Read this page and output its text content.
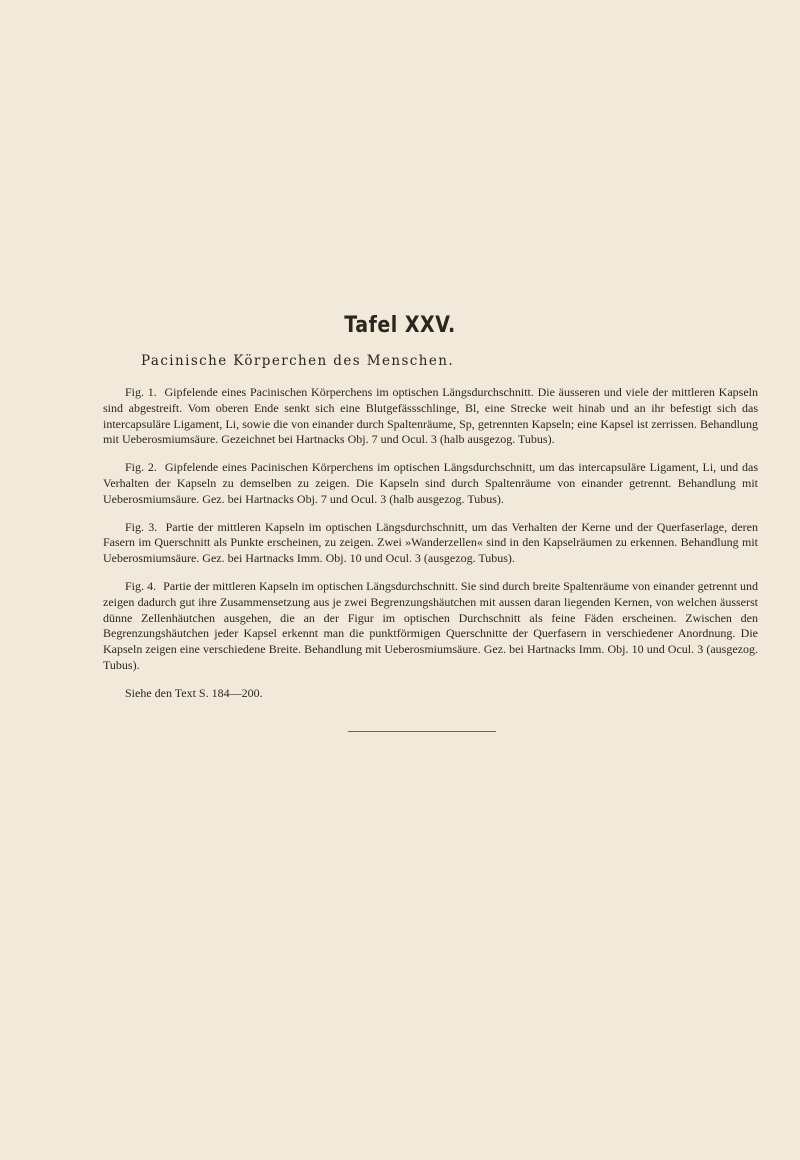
Tafel XXV.
Pacinische Körperchen des Menschen.

Fig. 1. Gipfelende eines Pacinischen Körperchens im optischen Längsdurchschnitt. Die äusseren und viele der mittleren Kapseln sind abgestreift. Vom oberen Ende senkt sich eine Blutgefässschlinge, Bl, eine Strecke weit hinab und an ihr befestigt sich das intercapsuläre Ligament, Li, sowie die von einander durch Spaltenräume, Sp, getrennten Kapseln; eine Kapsel ist zerrissen. Behandlung mit Ueberosmiumsäure. Gezeichnet bei Hartnacks Obj. 7 und Ocul. 3 (halb ausgezog. Tubus).

Fig. 2. Gipfelende eines Pacinischen Körperchens im optischen Längsdurchschnitt, um das intercapsuläre Ligament, Li, und das Verhalten der Kapseln zu demselben zu zeigen. Die Kapseln sind durch Spaltenräume von einander getrennt. Behandlung mit Ueberosmiumsäure. Gez. bei Hartnacks Obj. 7 und Ocul. 3 (halb ausgezog. Tubus).

Fig. 3. Partie der mittleren Kapseln im optischen Längsdurchschnitt, um das Verhalten der Kerne und der Querfaserlage, deren Fasern im Querschnitt als Punkte erscheinen, zu zeigen. Zwei »Wanderzellen« sind in den Kapselräumen zu erkennen. Behandlung mit Ueberosmiumsäure. Gez. bei Hartnacks Imm. Obj. 10 und Ocul. 3 (ausgezog. Tubus).

Fig. 4. Partie der mittleren Kapseln im optischen Längsdurchschnitt. Sie sind durch breite Spaltenräume von einander getrennt und zeigen dadurch gut ihre Zusammensetzung aus je zwei Begrenzungshäutchen mit aussen daran liegenden Kernen, von welchen äusserst dünne Zellenhäutchen ausgehen, die an der Figur im optischen Durchschnitt als feine Fäden erscheinen. Zwischen den Begrenzungshäutchen jeder Kapsel erkennt man die punktförmigen Querschnitte der Querfasern in verschiedener Anordnung. Die Kapseln zeigen eine verschiedene Breite. Behandlung mit Ueberosmiumsäure. Gez. bei Hartnacks Imm. Obj. 10 und Ocul. 3 (ausgezog. Tubus).

Siehe den Text S. 184—200.
